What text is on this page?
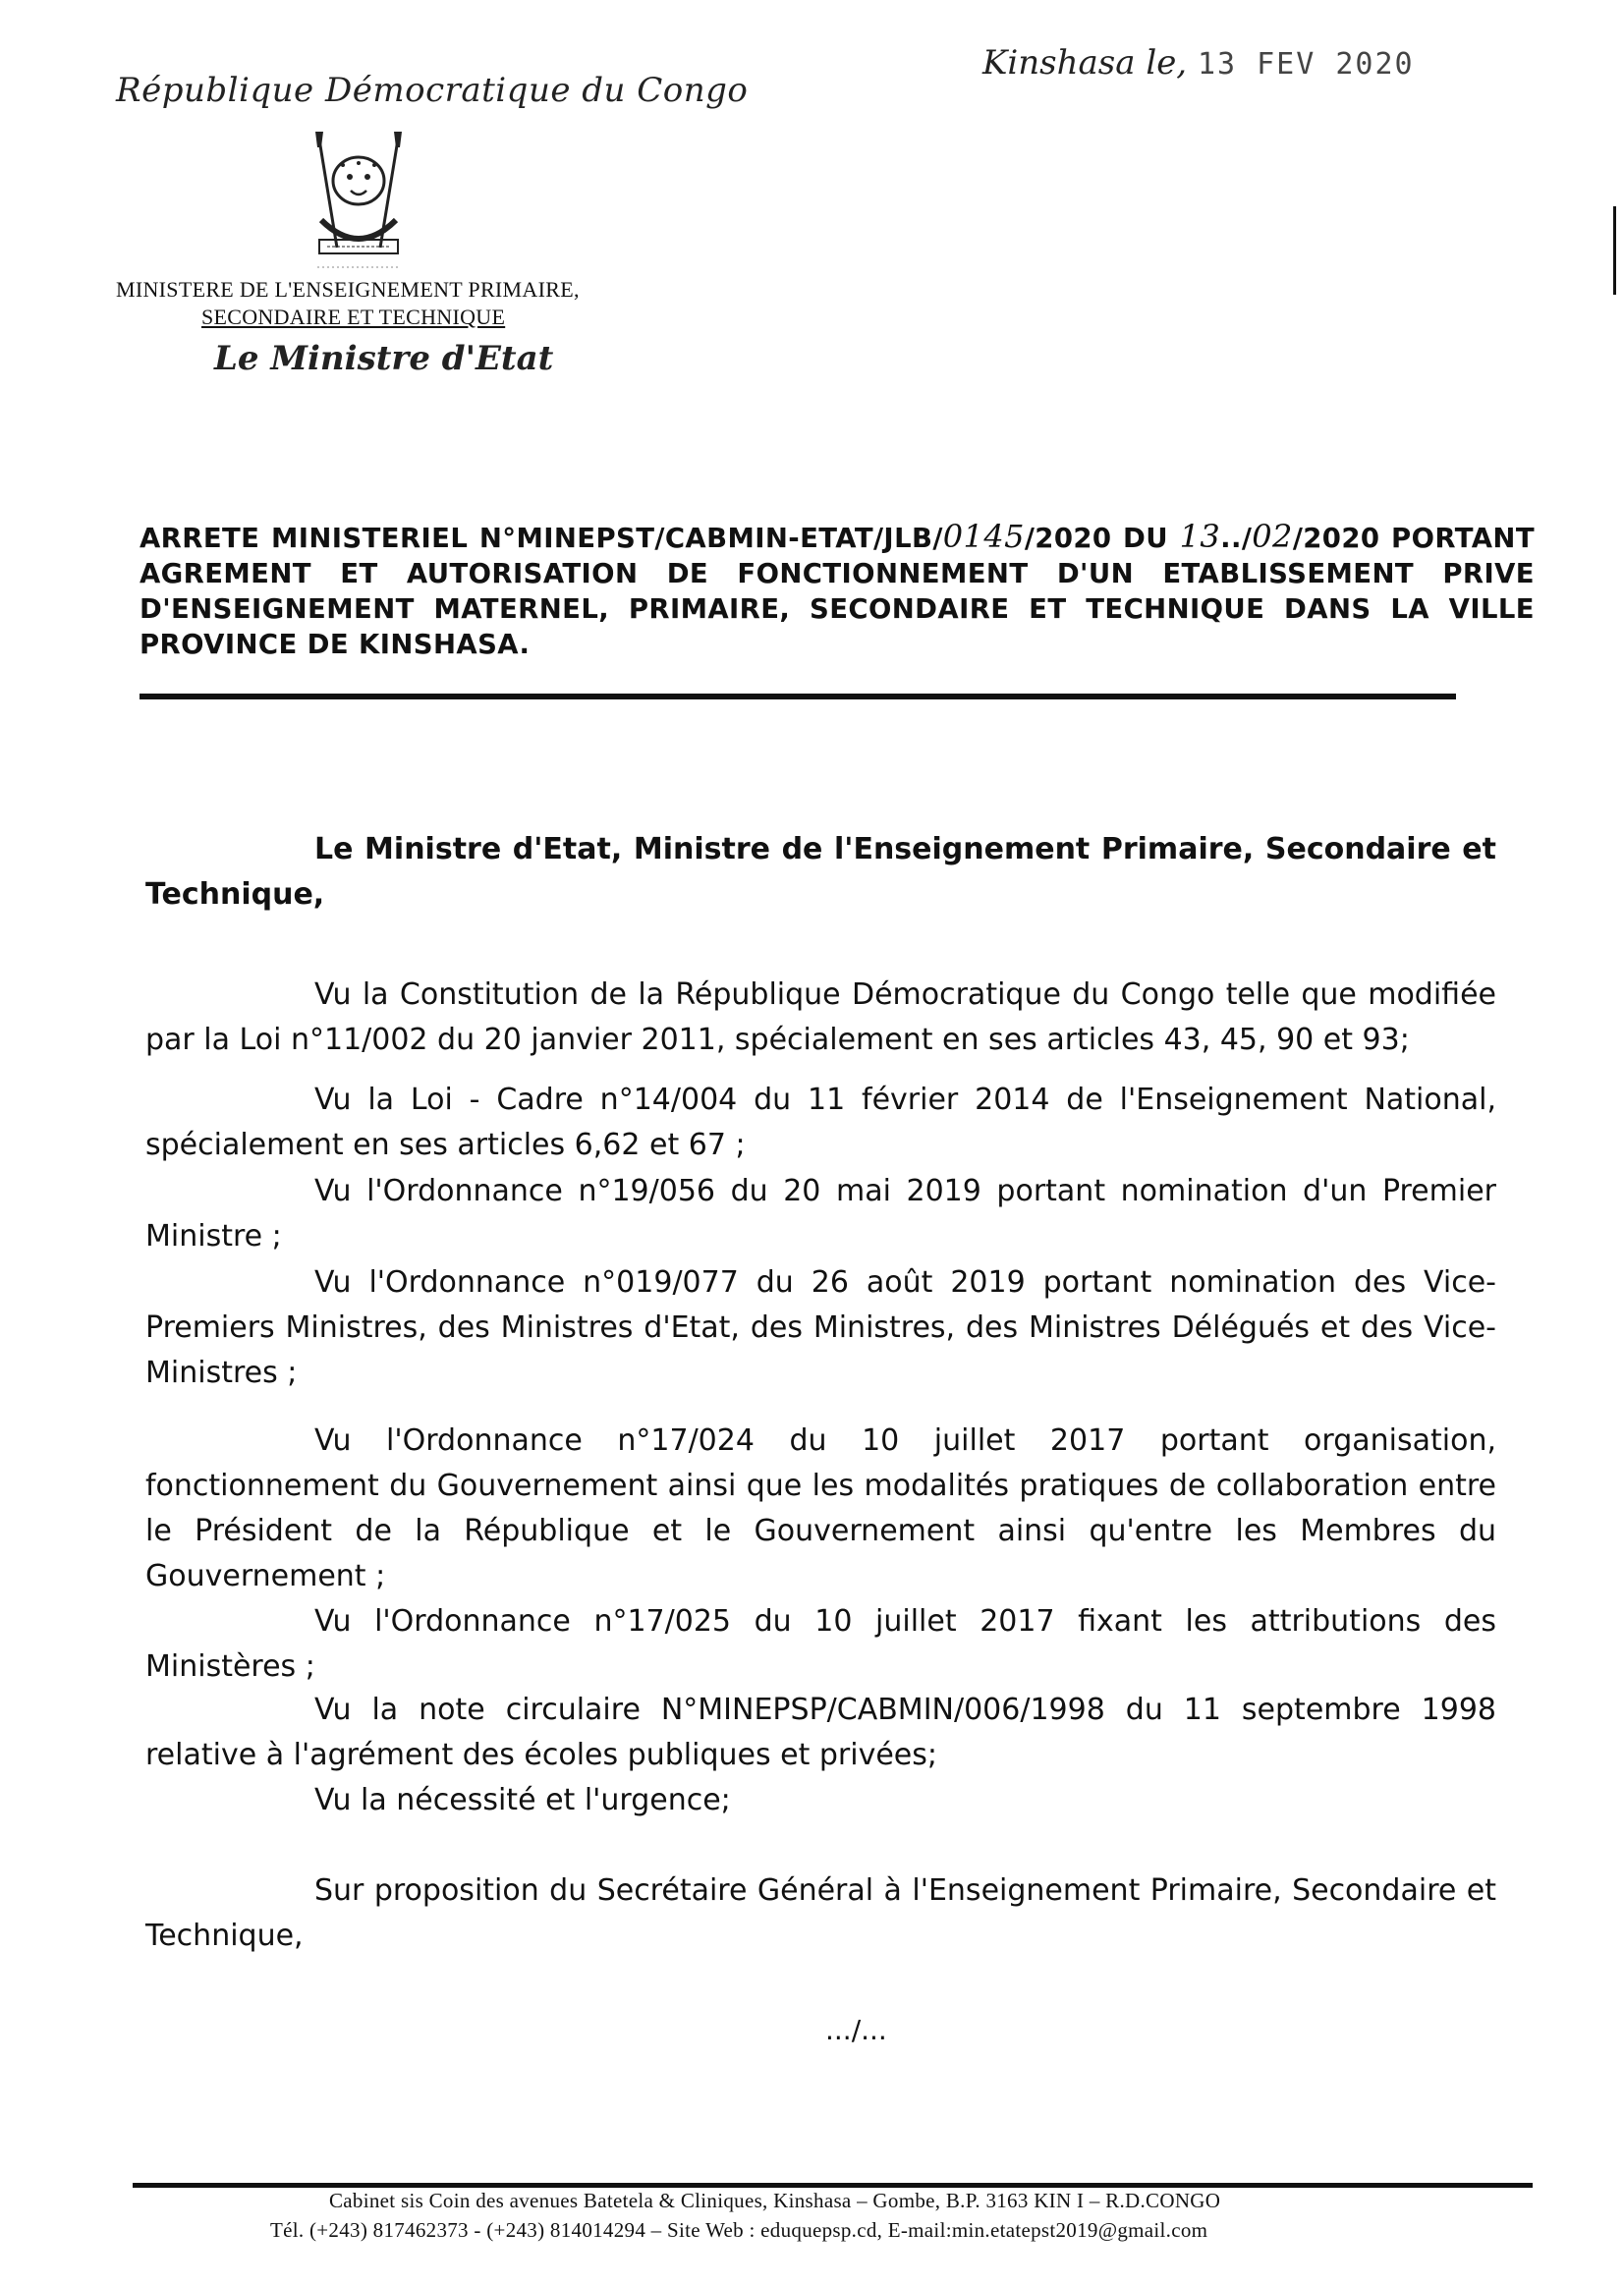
République Démocratique du Congo
Kinshasa le, 13 FEV 2020
MINISTERE DE L'ENSEIGNEMENT PRIMAIRE,
SECONDAIRE ET TECHNIQUE
Le Ministre d'Etat
ARRETE MINISTERIEL N°MINEPST/CABMIN-ETAT/JLB/0145/2020 DU 13../02/2020 PORTANT AGREMENT ET AUTORISATION DE FONCTIONNEMENT D'UN ETABLISSEMENT PRIVE D'ENSEIGNEMENT MATERNEL, PRIMAIRE, SECONDAIRE ET TECHNIQUE DANS LA VILLE PROVINCE DE KINSHASA.
Le Ministre d'Etat, Ministre de l'Enseignement Primaire, Secondaire et Technique,
Vu la Constitution de la République Démocratique du Congo telle que modifiée par la Loi n°11/002 du 20 janvier 2011, spécialement en ses articles 43, 45, 90 et 93;
Vu la Loi - Cadre n°14/004 du 11 février 2014 de l'Enseignement National, spécialement en ses articles 6,62 et 67 ;
Vu l'Ordonnance n°19/056 du 20 mai 2019 portant nomination d'un Premier Ministre ;
Vu l'Ordonnance n°019/077 du 26 août 2019 portant nomination des Vice-Premiers Ministres, des Ministres d'Etat, des Ministres, des Ministres Délégués et des Vice-Ministres ;
Vu l'Ordonnance n°17/024 du 10 juillet 2017 portant organisation, fonctionnement du Gouvernement ainsi que les modalités pratiques de collaboration entre le Président de la République et le Gouvernement ainsi qu'entre les Membres du Gouvernement ;
Vu l'Ordonnance n°17/025 du 10 juillet 2017 fixant les attributions des Ministères ;
Vu la note circulaire N°MINEPSP/CABMIN/006/1998 du 11 septembre 1998 relative à l'agrément des écoles publiques et privées;
Vu la nécessité et l'urgence;
Sur proposition du Secrétaire Général à l'Enseignement Primaire, Secondaire et Technique,
.../...
Cabinet sis Coin des avenues Batetela & Cliniques, Kinshasa – Gombe, B.P. 3163 KIN I – R.D.CONGO
Tél. (+243) 817462373 - (+243) 814014294 – Site Web : eduquepsp.cd, E-mail:min.etatepst2019@gmail.com
